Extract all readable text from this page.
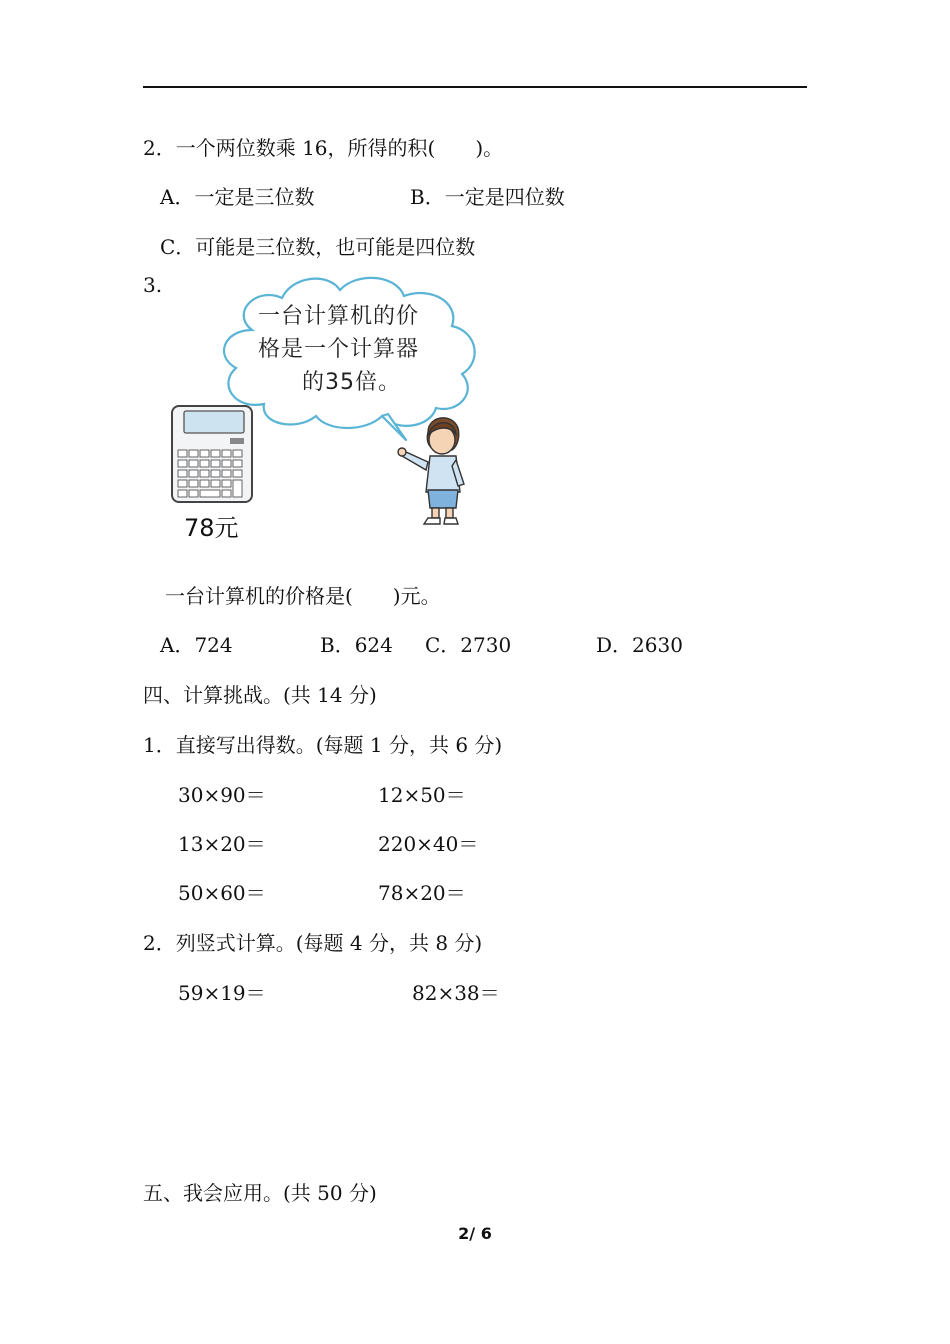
2．一个两位数乘 16，所得的积(　　)。
A．一定是三位数	B．一定是四位数
C．可能是三位数，也可能是四位数
3.
一台计算机的价
格是一个计算器
的35倍。
78元
一台计算机的价格是(　　)元。
A．724	B．624 C．2730	D．2630
四、计算挑战。(共 14 分)
1．直接写出得数。(每题 1 分，共 6 分)
30×90＝	12×50＝
13×20＝	220×40＝
50×60＝	78×20＝
2．列竖式计算。(每题 4 分，共 8 分)
59×19＝	82×38＝
五、我会应用。(共 50 分)
2/ 6
